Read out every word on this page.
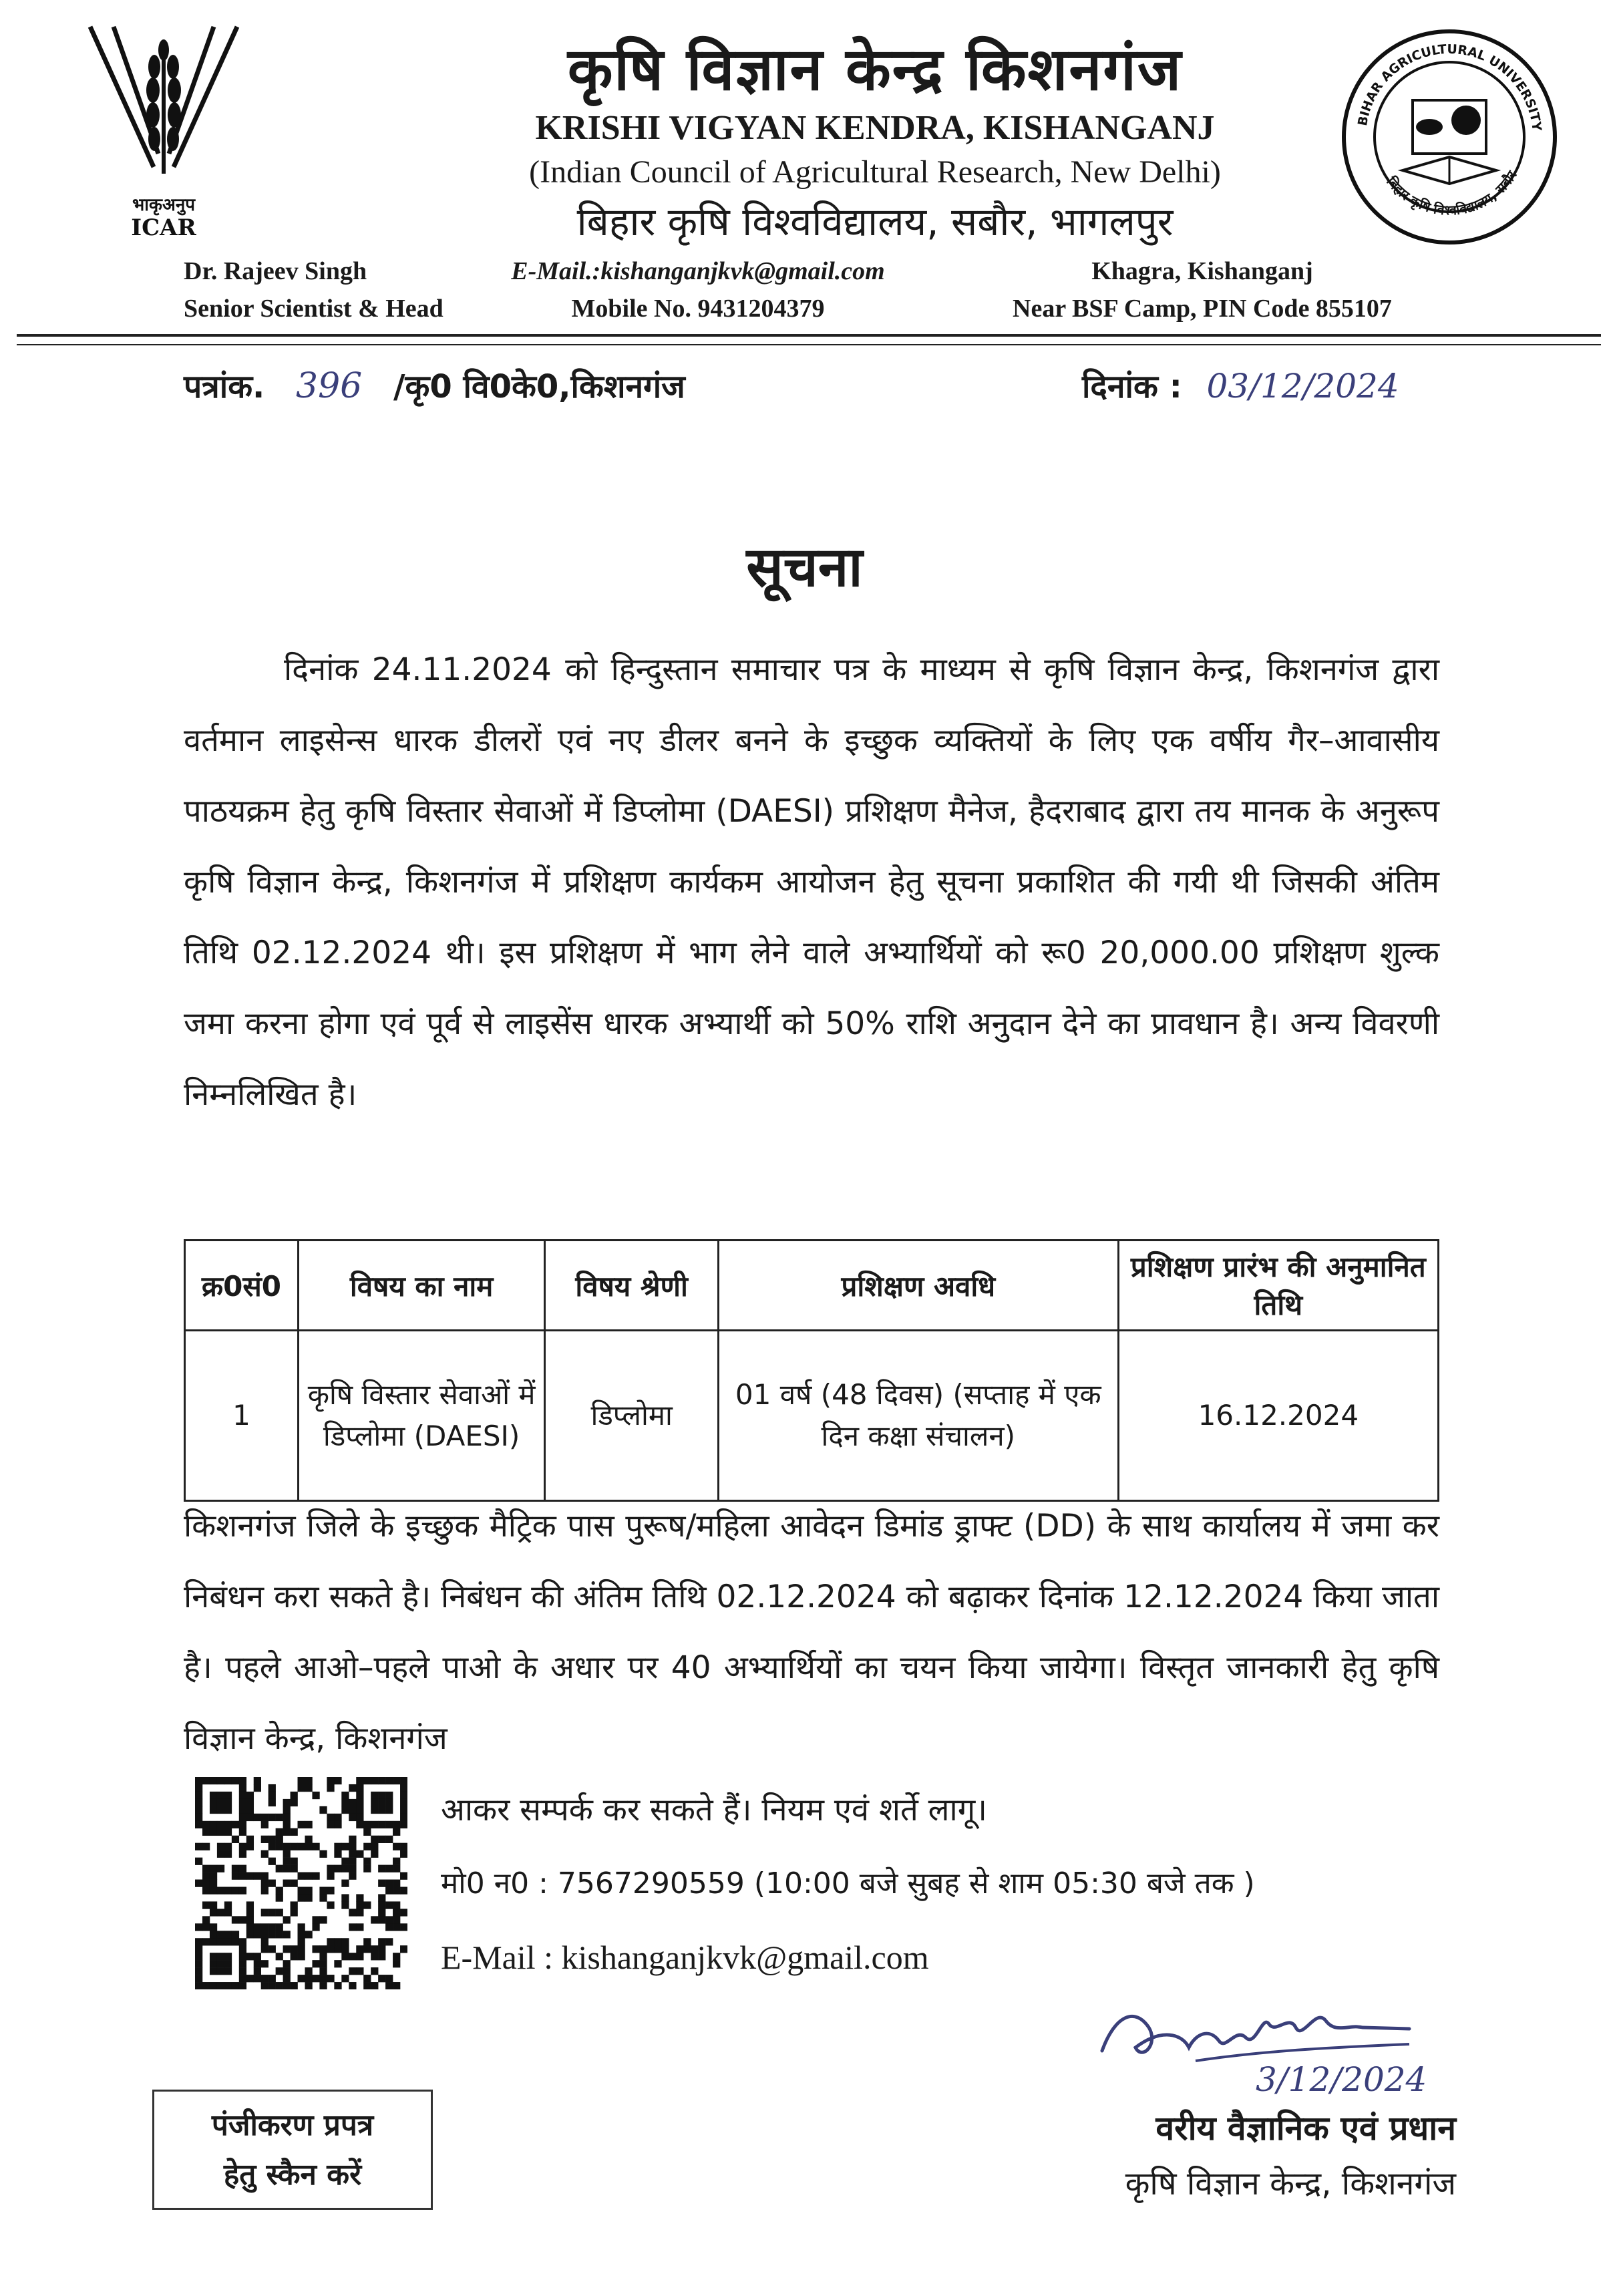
भाकृअनुप
ICAR
कृषि विज्ञान केन्द्र किशनगंज
KRISHI VIGYAN KENDRA, KISHANGANJ
(Indian Council of Agricultural Research, New Delhi)
बिहार कृषि विश्वविद्यालय, सबौर, भागलपुर
BIHAR AGRICULTURAL UNIVERSITY
बिहार कृषि विश्वविद्यालय, सबौर
Dr. Rajeev Singh
Senior Scientist & Head
E-Mail.:kishanganjkvk@gmail.com
Mobile No. 9431204379
Khagra, Kishanganj
Near BSF Camp, PIN Code 855107
पत्रांक. 396 /कृ0 वि0के0,किशनगंज	दिनांक : 03/12/2024
सूचना
दिनांक 24.11.2024 को हिन्दुस्तान समाचार पत्र के माध्यम से कृषि विज्ञान केन्द्र, किशनगंज द्वारा वर्तमान लाइसेन्स धारक डीलरों एवं नए डीलर बनने के इच्छुक व्यक्तियों के लिए एक वर्षीय गैर–आवासीय पाठयक्रम हेतु कृषि विस्तार सेवाओं में डिप्लोमा (DAESI) प्रशिक्षण मैनेज, हैदराबाद द्वारा तय मानक के अनुरूप कृषि विज्ञान केन्द्र, किशनगंज में प्रशिक्षण कार्यकम आयोजन हेतु सूचना प्रकाशित की गयी थी जिसकी अंतिम तिथि 02.12.2024 थी। इस प्रशिक्षण में भाग लेने वाले अभ्यार्थियों को रू0 20,000.00 प्रशिक्षण शुल्क जमा करना होगा एवं पूर्व से लाइसेंस धारक अभ्यार्थी को 50% राशि अनुदान देने का प्रावधान है। अन्य विवरणी निम्नलिखित है।
क्र0सं0	विषय का नाम	विषय श्रेणी	प्रशिक्षण अवधि	प्रशिक्षण प्रारंभ की अनुमानित तिथि
1	कृषि विस्तार सेवाओं में डिप्लोमा (DAESI)	डिप्लोमा	01 वर्ष (48 दिवस) (सप्ताह में एक दिन कक्षा संचालन)	16.12.2024
किशनगंज जिले के इच्छुक मैट्रिक पास पुरूष/महिला आवेदन डिमांड ड्राफ्ट (DD) के साथ कार्यालय में जमा कर निबंधन करा सकते है। निबंधन की अंतिम तिथि 02.12.2024 को बढ़ाकर दिनांक 12.12.2024 किया जाता है। पहले आओ–पहले पाओ के अधार पर 40 अभ्यार्थियों का चयन किया जायेगा। विस्तृत जानकारी हेतु कृषि विज्ञान केन्द्र, किशनगंज
आकर सम्पर्क कर सकते हैं। नियम एवं शर्ते लागू।
मो0 न0 : 7567290559 (10:00 बजे सुबह से शाम 05:30 बजे तक )
E-Mail : kishanganjkvk@gmail.com
पंजीकरण प्रपत्र
हेतु स्कैन करें
3/12/2024
वरीय वैज्ञानिक एवं प्रधान
कृषि विज्ञान केन्द्र, किशनगंज
